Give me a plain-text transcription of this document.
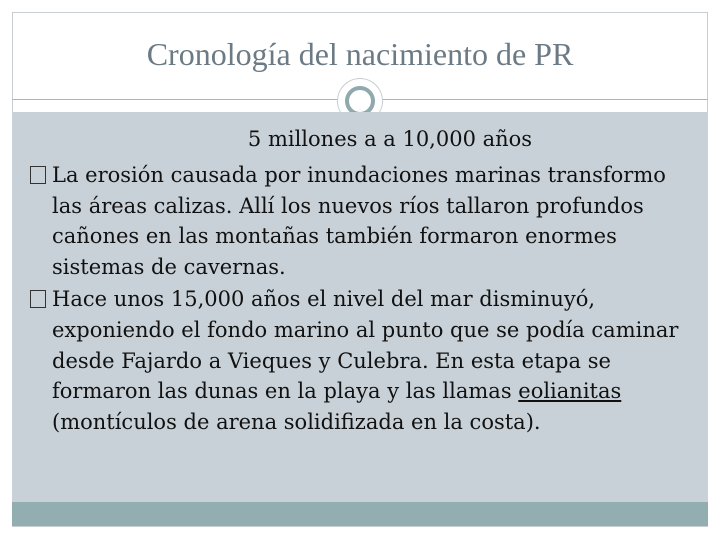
Cronología del nacimiento de PR
5 millones a a 10,000 años
La erosión causada por inundaciones marinas transformo las áreas calizas. Allí los nuevos ríos tallaron profundos cañones en las montañas también formaron enormes sistemas de cavernas.
Hace unos 15,000 años el nivel del mar disminuyó, exponiendo el fondo marino al punto que se podía caminar desde Fajardo a Vieques y Culebra. En esta etapa se formaron las dunas en la playa y las llamas eolianitas (montículos de arena solidifizada en la costa).
